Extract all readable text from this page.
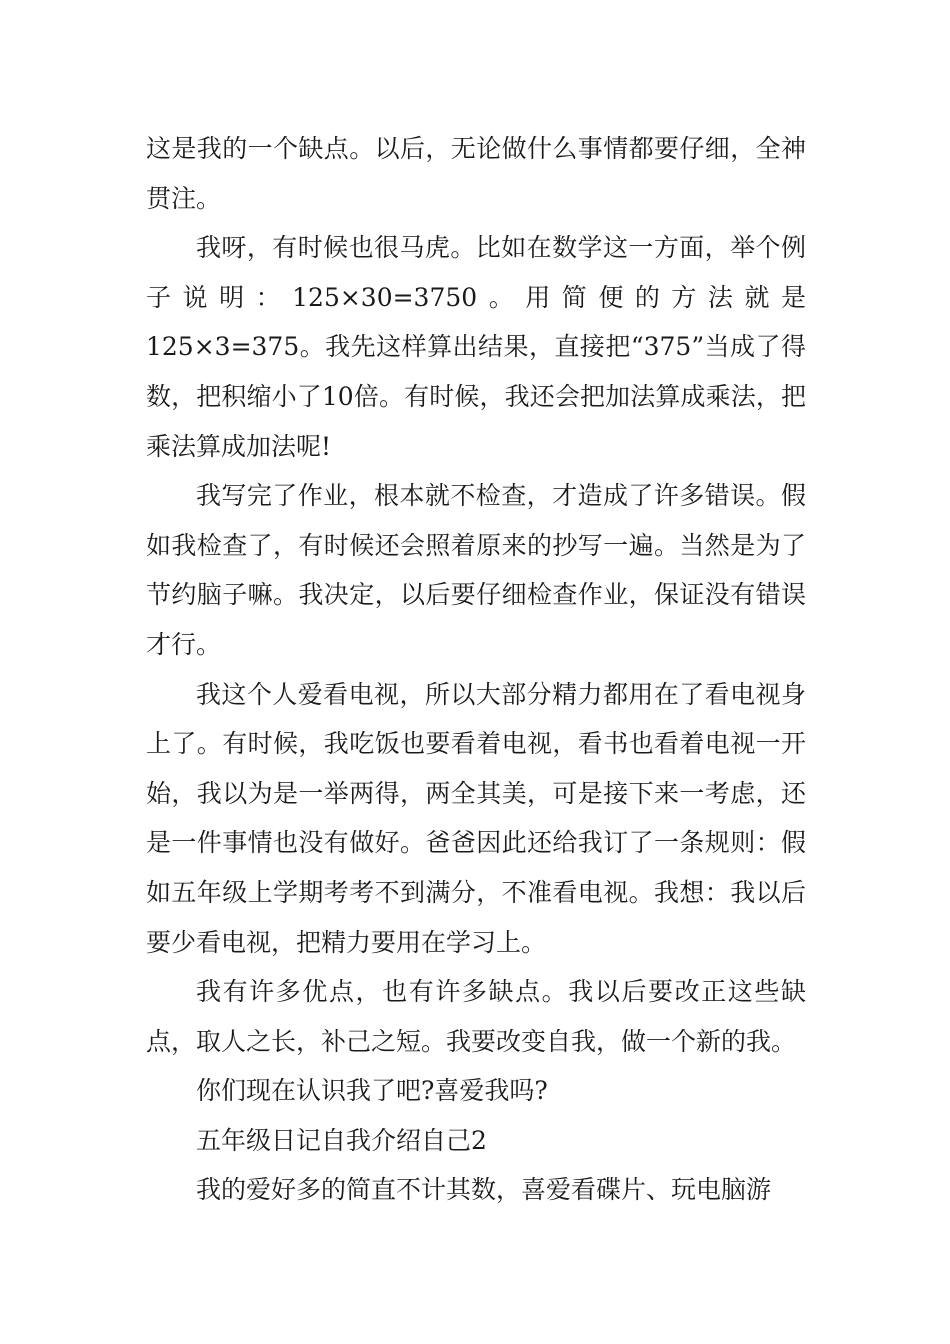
这是我的一个缺点。以后，无论做什么事情都要仔细，全神贯注。

我呀，有时候也很马虎。比如在数学这一方面，举个例子说明：125×30=3750。用简便的方法就是125×3=375。我先这样算出结果，直接把“375”当成了得数，把积缩小了10倍。有时候，我还会把加法算成乘法，把乘法算成加法呢!

我写完了作业，根本就不检查，才造成了许多错误。假如我检查了，有时候还会照着原来的抄写一遍。当然是为了节约脑子嘛。我决定，以后要仔细检查作业，保证没有错误才行。

我这个人爱看电视，所以大部分精力都用在了看电视身上了。有时候，我吃饭也要看着电视，看书也看着电视一开始，我以为是一举两得，两全其美，可是接下来一考虑，还是一件事情也没有做好。爸爸因此还给我订了一条规则：假如五年级上学期考考不到满分，不准看电视。我想：我以后要少看电视，把精力要用在学习上。

我有许多优点，也有许多缺点。我以后要改正这些缺点，取人之长，补己之短。我要改变自我，做一个新的我。

你们现在认识我了吧?喜爱我吗?

五年级日记自我介绍自己2

我的爱好多的简直不计其数，喜爱看碟片、玩电脑游
